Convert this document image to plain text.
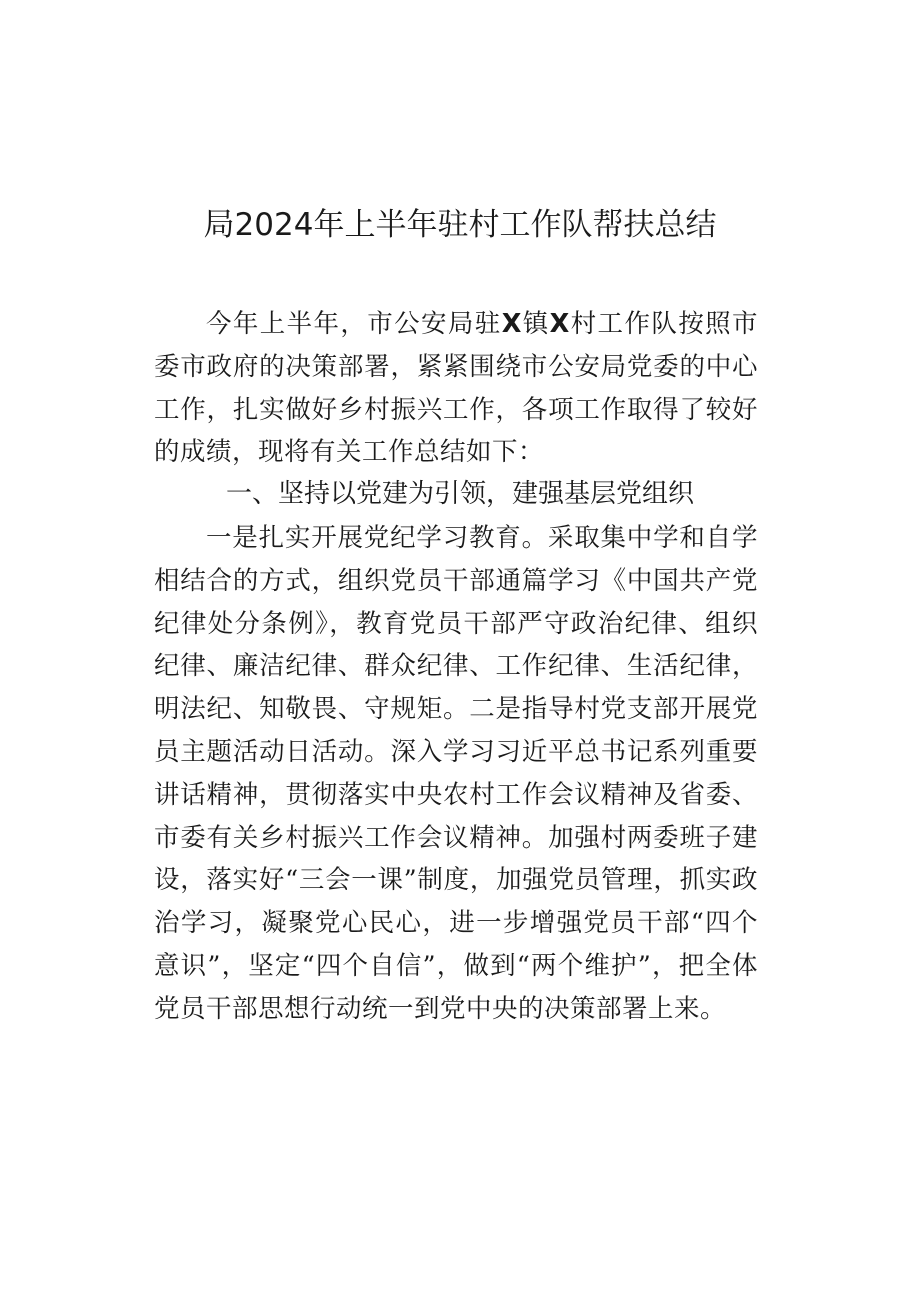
局2024年上半年驻村工作队帮扶总结

今年上半年，市公安局驻X镇X村工作队按照市委市政府的决策部署，紧紧围绕市公安局党委的中心工作，扎实做好乡村振兴工作，各项工作取得了较好的成绩，现将有关工作总结如下：

一、坚持以党建为引领，建强基层党组织

一是扎实开展党纪学习教育。采取集中学和自学相结合的方式，组织党员干部通篇学习《中国共产党纪律处分条例》，教育党员干部严守政治纪律、组织纪律、廉洁纪律、群众纪律、工作纪律、生活纪律，明法纪、知敬畏、守规矩。二是指导村党支部开展党员主题活动日活动。深入学习习近平总书记系列重要讲话精神，贯彻落实中央农村工作会议精神及省委、市委有关乡村振兴工作会议精神。加强村两委班子建设，落实好“三会一课”制度，加强党员管理，抓实政治学习，凝聚党心民心，进一步增强党员干部“四个意识”，坚定“四个自信”，做到“两个维护”，把全体党员干部思想行动统一到党中央的决策部署上来。
